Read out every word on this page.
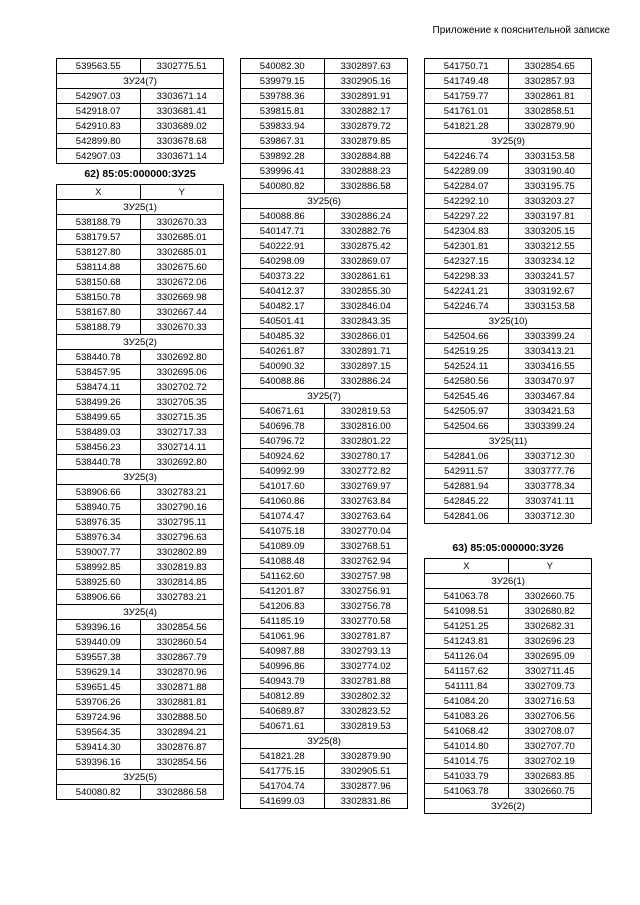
Приложение к пояснительной записке
539563.55	3302775.51
ЗУ24(7)	
542907.03	3303671.14
542918.07	3303681.41
542910.83	3303689.02
542899.80	3303678.68
542907.03	3303671.14
62) 85:05:000000:ЗУ25
X	Y
ЗУ25(1)	
538188.79	3302670.33
538179.57	3302685.01
538127.80	3302685.01
538114.88	3302675.60
538150.68	3302672.06
538150.78	3302669.98
538167.80	3302667.44
538188.79	3302670.33
ЗУ25(2)	
538440.78	3302692.80
538457.95	3302695.06
538474.11	3302702.72
538499.26	3302705.35
538499.65	3302715.35
538489.03	3302717.33
538456.23	3302714.11
538440.78	3302692.80
ЗУ25(3)	
538906.66	3302783.21
538940.75	3302790.16
538976.35	3302795.11
538976.34	3302796.63
539007.77	3302802.89
538992.85	3302819.83
538925.60	3302814.85
538906.66	3302783.21
ЗУ25(4)	
539396.16	3302854.56
539440.09	3302860.54
539557.38	3302867.79
539629.14	3302870.96
539651.45	3302871.88
539706.26	3302881.81
539724.96	3302888.50
539564.35	3302894.21
539414.30	3302876.87
539396.16	3302854.56
ЗУ25(5)	
540080.82	3302886.58
540082.30	3302897.63
539979.15	3302905.16
539788.36	3302891.91
539815.81	3302882.17
539833.94	3302879.72
539867.31	3302879.85
539892.28	3302884.88
539996.41	3302888.23
540080.82	3302886.58
ЗУ25(6)	
540088.86	3302886.24
540147.71	3302882.76
540222.91	3302875.42
540298.09	3302869.07
540373.22	3302861.61
540412.37	3302855.30
540482.17	3302846.04
540501.41	3302843.35
540485.32	3302866.01
540261.87	3302891.71
540090.32	3302897.15
540088.86	3302886.24
ЗУ25(7)	
540671.61	3302819.53
540696.78	3302816.00
540796.72	3302801.22
540924.62	3302780.17
540992.99	3302772.82
541017.60	3302769.97
541060.86	3302763.84
541074.47	3302763.64
541075.18	3302770.04
541089.09	3302768.51
541088.48	3302762.94
541162.60	3302757.98
541201.87	3302756.91
541206.83	3302756.78
541185.19	3302770.58
541061.96	3302781.87
540987.88	3302793.13
540996.86	3302774.02
540943.79	3302781.88
540812.89	3302802.32
540689.87	3302823.52
540671.61	3302819.53
ЗУ25(8)	
541821.28	3302879.90
541775.15	3302905.51
541704.74	3302877.96
541699.03	3302831.86
541750.71	3302854.65
541749.48	3302857.93
541759.77	3302861.81
541761.01	3302858.51
541821.28	3302879.90
ЗУ25(9)	
542246.74	3303153.58
542289.09	3303190.40
542284.07	3303195.75
542292.10	3303203.27
542297.22	3303197.81
542304.83	3303205.15
542301.81	3303212.55
542327.15	3303234.12
542298.33	3303241.57
542241.21	3303192.67
542246.74	3303153.58
ЗУ25(10)	
542504.66	3303399.24
542519.25	3303413.21
542524.11	3303416.55
542580.56	3303470.97
542545.46	3303467.84
542505.97	3303421.53
542504.66	3303399.24
ЗУ25(11)	
542841.06	3303712.30
542911.57	3303777.76
542881.94	3303778.34
542845.22	3303741.11
542841.06	3303712.30
63) 85:05:000000:ЗУ26
X	Y
ЗУ26(1)	
541063.78	3302660.75
541098.51	3302680.82
541251.25	3302682.31
541243.81	3302696.23
541126.04	3302695.09
541157.62	3302711.45
541111.84	3302709.73
541084.20	3302716.53
541083.26	3302706.56
541068.42	3302708.07
541014.80	3302707.70
541014.75	3302702.19
541033.79	3302683.85
541063.78	3302660.75
ЗУ26(2)	
